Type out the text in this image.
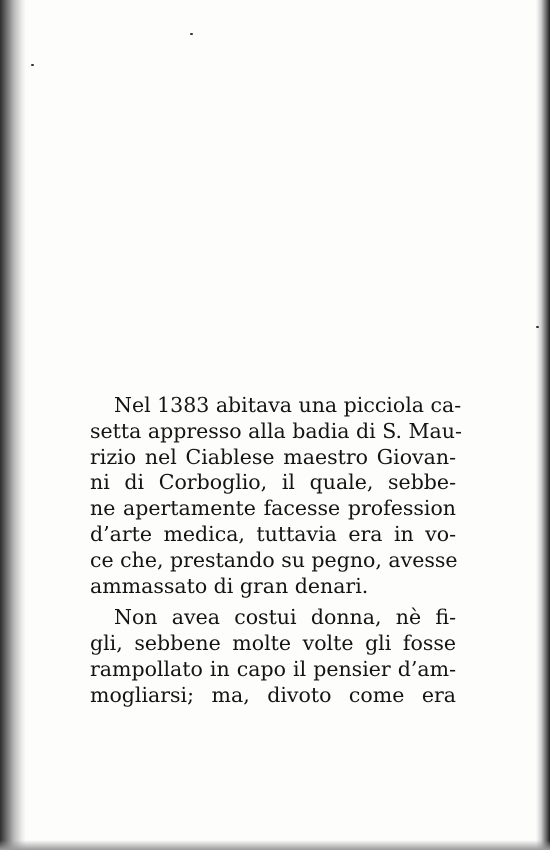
Nel 1383 abitava una picciola ca-
setta appresso alla badia di S. Mau-
rizio nel Ciablese maestro Giovan-
ni di Corboglio, il quale, sebbe-
ne apertamente facesse profession
d’arte medica, tuttavia era in vo-
ce che, prestando su pegno, avesse
ammassato di gran denari.
Non avea costui donna, nè fi-
gli, sebbene molte volte gli fosse
rampollato in capo il pensier d’am-
mogliarsi; ma, divoto come era
